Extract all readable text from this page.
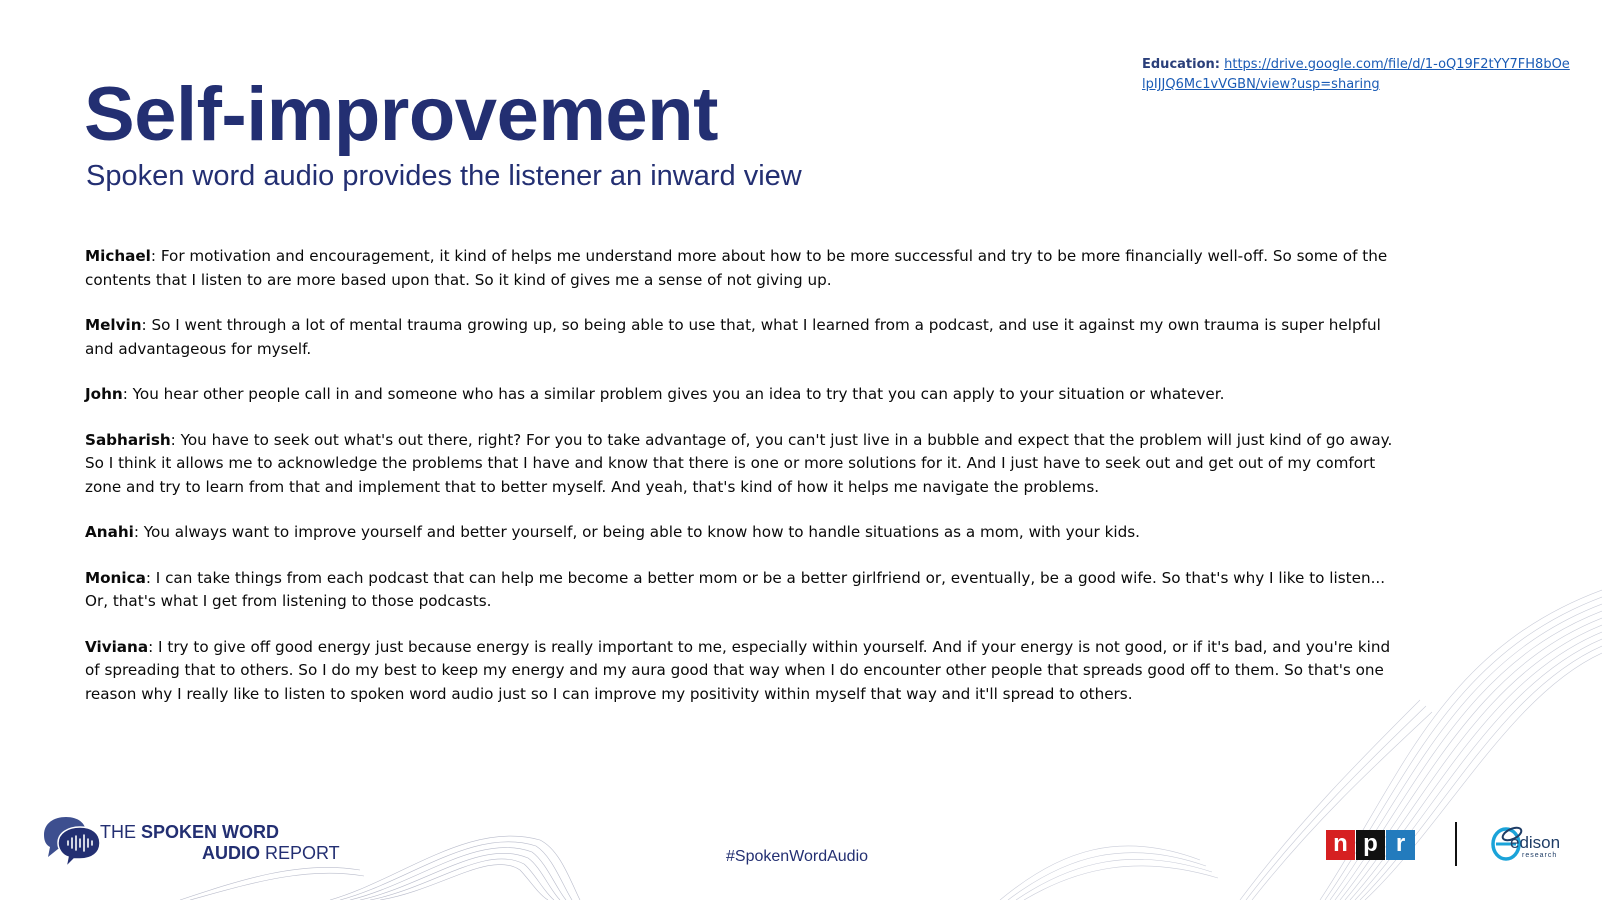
Education: https://drive.google.com/file/d/1-oQ19F2tYY7FH8bOelpIJJQ6Mc1vVGBN/view?usp=sharing
Self-improvement

Spoken word audio provides the listener an inward view

Michael: For motivation and encouragement, it kind of helps me understand more about how to be more successful and try to be more financially well-off. So some of the contents that I listen to are more based upon that. So it kind of gives me a sense of not giving up.

Melvin: So I went through a lot of mental trauma growing up, so being able to use that, what I learned from a podcast, and use it against my own trauma is super helpful and advantageous for myself.

John: You hear other people call in and someone who has a similar problem gives you an idea to try that you can apply to your situation or whatever.

Sabharish: You have to seek out what's out there, right? For you to take advantage of, you can't just live in a bubble and expect that the problem will just kind of go away. So I think it allows me to acknowledge the problems that I have and know that there is one or more solutions for it. And I just have to seek out and get out of my comfort zone and try to learn from that and implement that to better myself. And yeah, that's kind of how it helps me navigate the problems.

Anahi: You always want to improve yourself and better yourself, or being able to know how to handle situations as a mom, with your kids.

Monica: I can take things from each podcast that can help me become a better mom or be a better girlfriend or, eventually, be a good wife. So that's why I like to listen... Or, that's what I get from listening to those podcasts.

Viviana: I try to give off good energy just because energy is really important to me, especially within yourself. And if your energy is not good, or if it's bad, and you're kind of spreading that to others. So I do my best to keep my energy and my aura good that way when I do encounter other people that spreads good off to them. So that's one reason why I really like to listen to spoken word audio just so I can improve my positivity within myself that way and it'll spread to others.

THE SPOKEN WORD
AUDIO REPORT	#SpokenWordAudio	n p r	edison
research
